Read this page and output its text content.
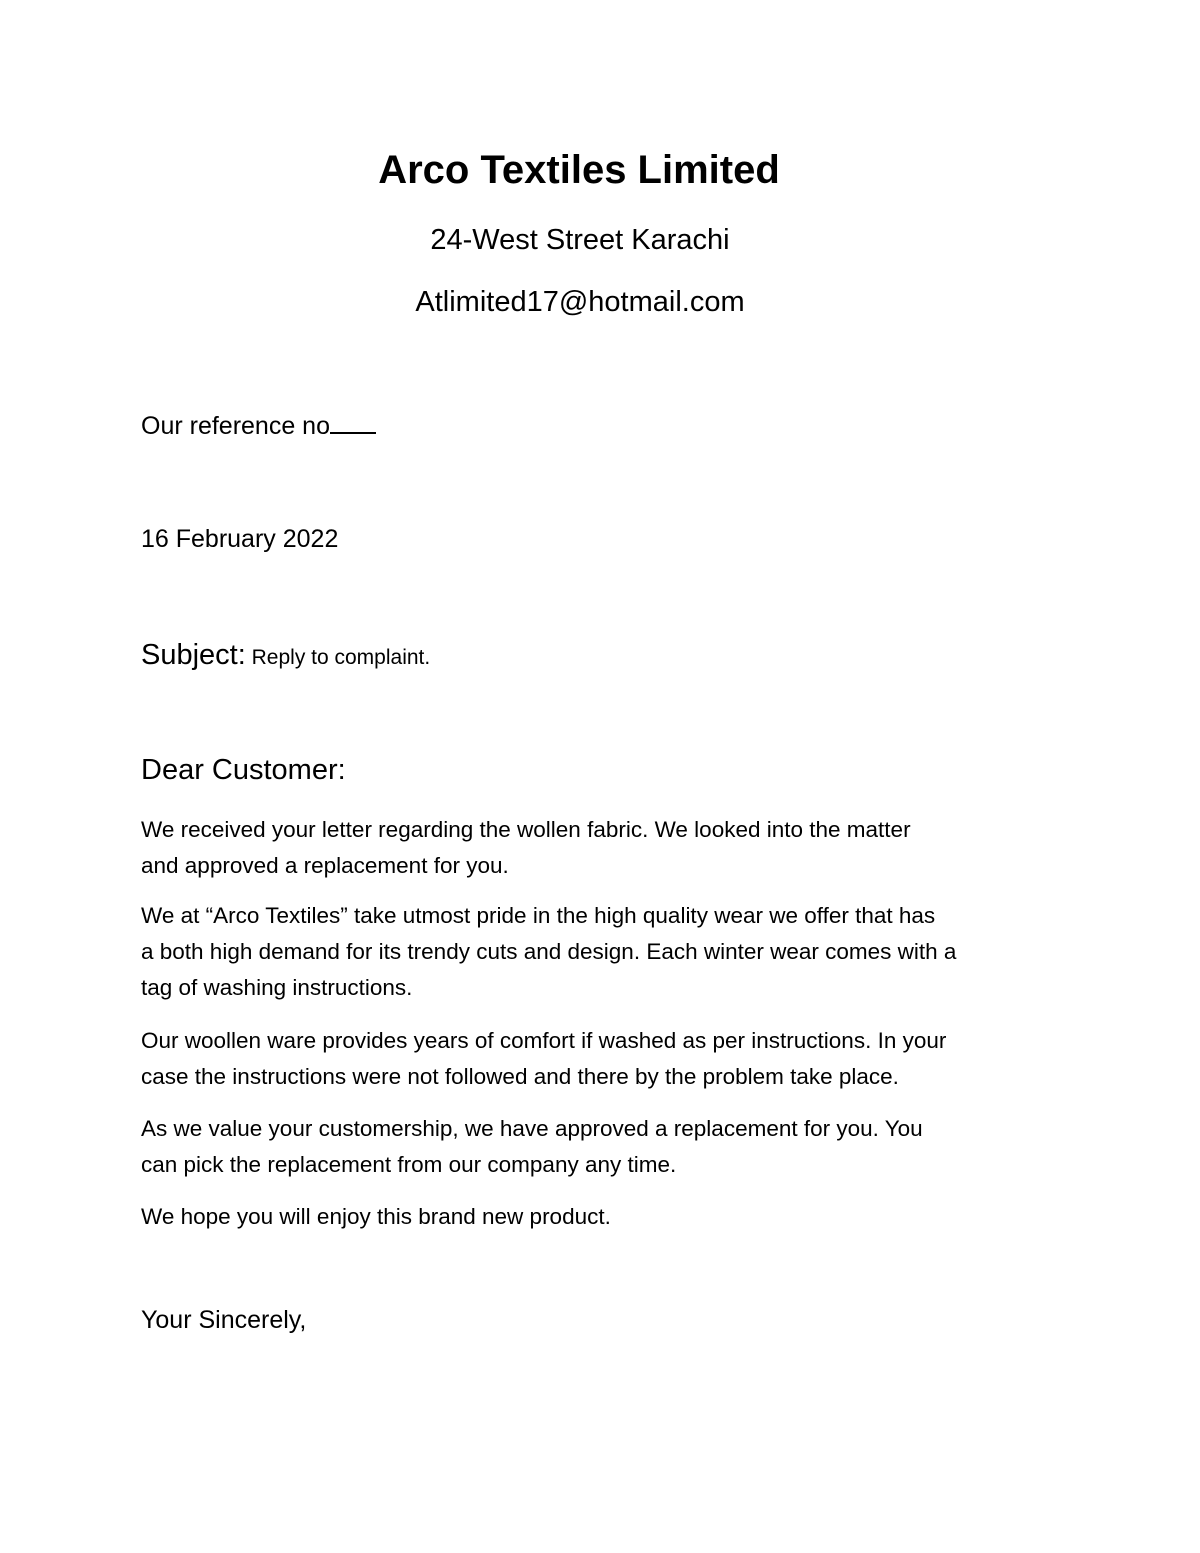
Arco Textiles Limited

24-West Street Karachi

Atlimited17@hotmail.com

Our reference no

16 February 2022

Subject: Reply to complaint.

Dear Customer:

We received your letter regarding the wollen fabric. We looked into the matter
and approved a replacement for you.

We at “Arco Textiles” take utmost pride in the high quality wear we offer that has
a both high demand for its trendy cuts and design. Each winter wear comes with a
tag of washing instructions.

Our woollen ware provides years of comfort if washed as per instructions. In your
case the instructions were not followed and there by the problem take place.

As we value your customership, we have approved a replacement for you. You
can pick the replacement from our company any time.

We hope you will enjoy this brand new product.

Your Sincerely,
